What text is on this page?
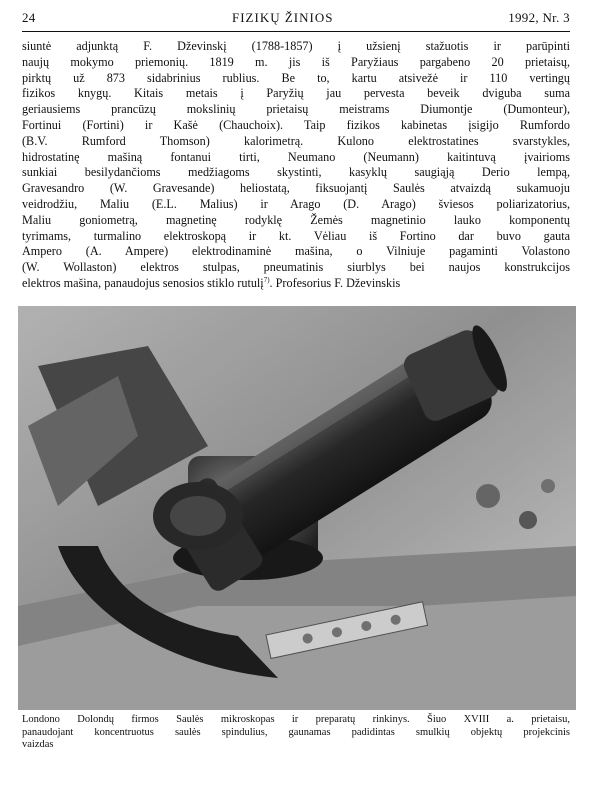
24	FIZIKŲ ŽINIOS	1992, Nr. 3
siuntė adjunktą F. Dževinskį (1788-1857) į užsienį stažuotis ir parūpinti
naujų mokymo priemonių. 1819 m. jis iš Paryžiaus pargabeno 20 prietaisų,
pirktų už 873 sidabrinius rublius. Be to, kartu atsivežė ir 110 vertingų
fizikos knygų. Kitais metais į Paryžių jau pervesta beveik dviguba suma
geriausiems prancūzų mokslinių prietaisų meistrams Diumontje (Dumonteur),
Fortinui (Fortini) ir Kašė (Chauchoix). Taip fizikos kabinetas įsigijo Rumfordo
(B.V. Rumford Thomson) kalorimetrą. Kulono elektrostatines svarstykles,
hidrostatinę mašiną fontanui tirti, Neumano (Neumann) kaitintuvą įvairioms
sunkiai besilydančioms medžiagoms skystinti, kasyklų saugiąją Derio lempą,
Gravesandro (W. Gravesande) heliostatą, fiksuojantį Saulės atvaizdą sukamuoju
veidrodžiu, Maliu (E.L. Malius) ir Arago (D. Arago) šviesos poliarizatorius,
Maliu goniometrą, magnetinę rodyklę Žemės magnetinio lauko komponentų
tyrimams, turmalino elektroskopą ir kt. Vėliau iš Fortino dar buvo gauta
Ampero (A. Ampere) elektrodinaminė mašina, o Vilniuje pagaminti Volastono
(W. Wollaston) elektros stulpas, pneumatinis siurblys bei naujos konstrukcijos
elektros mašina, panaudojus senosios stiklo rutulį$^{7)}$. Profesorius F. Dževinskis
Londono Dolondų firmos Saulės mikroskopas ir preparatų rinkinys. Šiuo XVIII a. prietaisu,
panaudojant koncentruotus saulės spindulius, gaunamas padidintas smulkių objektų projekcinis
vaizdas
